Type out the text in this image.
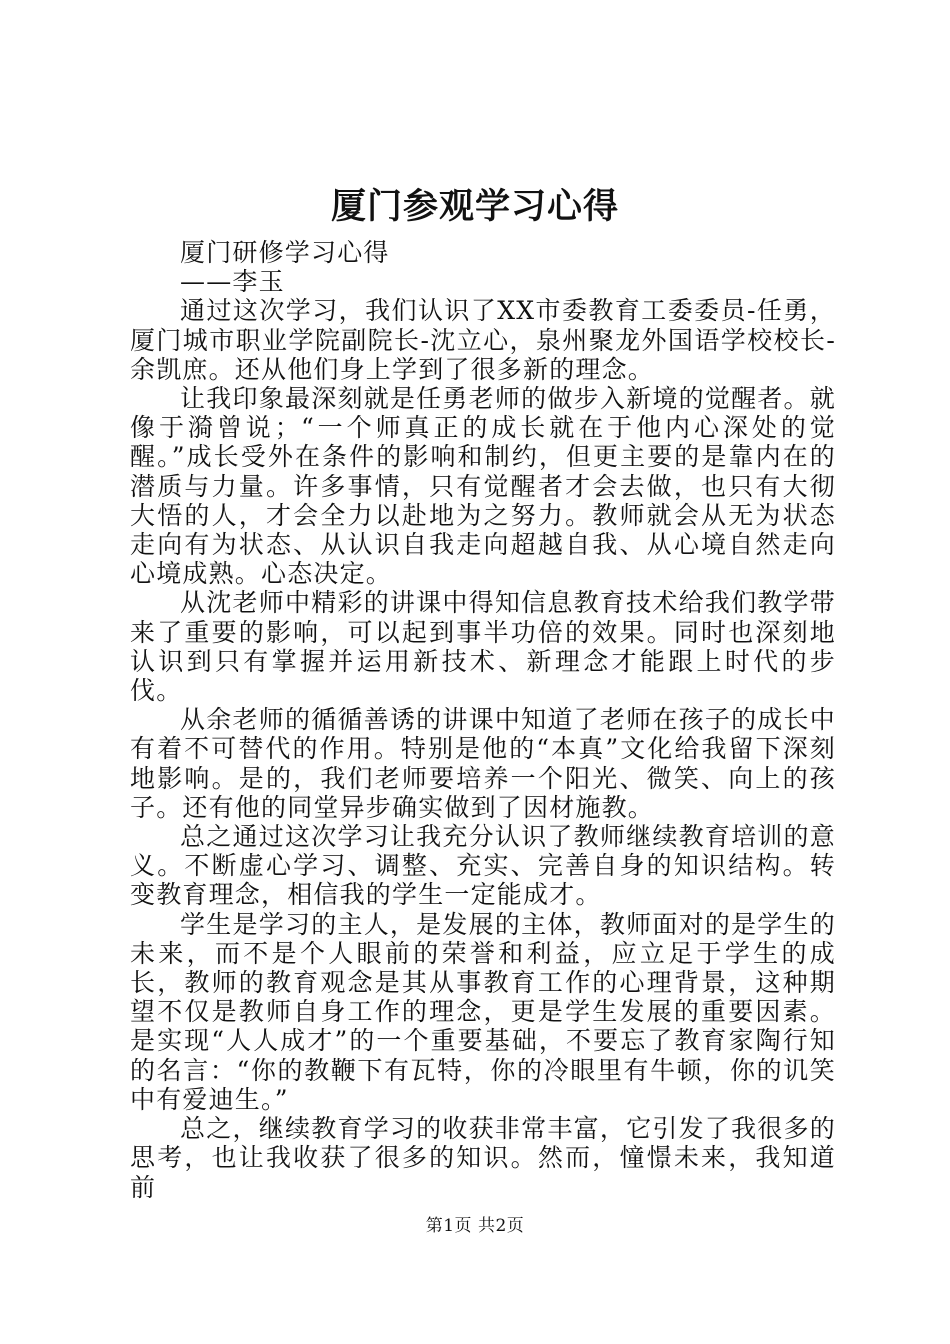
厦门参观学习心得

厦门研修学习心得

——李玉

通过这次学习，我们认识了XX市委教育工委委员-任勇，厦门城市职业学院副院长-沈立心，泉州聚龙外国语学校校长-余凯庶。还从他们身上学到了很多新的理念。

让我印象最深刻就是任勇老师的做步入新境的觉醒者。就像于漪曾说；“一个师真正的成长就在于他内心深处的觉醒。”成长受外在条件的影响和制约，但更主要的是靠内在的潜质与力量。许多事情，只有觉醒者才会去做，也只有大彻大悟的人，才会全力以赴地为之努力。教师就会从无为状态走向有为状态、从认识自我走向超越自我、从心境自然走向心境成熟。心态决定。

从沈老师中精彩的讲课中得知信息教育技术给我们教学带来了重要的影响，可以起到事半功倍的效果。同时也深刻地认识到只有掌握并运用新技术、新理念才能跟上时代的步伐。

从余老师的循循善诱的讲课中知道了老师在孩子的成长中有着不可替代的作用。特别是他的“本真”文化给我留下深刻地影响。是的，我们老师要培养一个阳光、微笑、向上的孩子。还有他的同堂异步确实做到了因材施教。

总之通过这次学习让我充分认识了教师继续教育培训的意义。不断虚心学习、调整、充实、完善自身的知识结构。转变教育理念，相信我的学生一定能成才。

学生是学习的主人，是发展的主体，教师面对的是学生的未来，而不是个人眼前的荣誉和利益，应立足于学生的成长，教师的教育观念是其从事教育工作的心理背景，这种期望不仅是教师自身工作的理念，更是学生发展的重要因素。是实现“人人成才”的一个重要基础，不要忘了教育家陶行知的名言：“你的教鞭下有瓦特，你的冷眼里有牛顿，你的讥笑中有爱迪生。”

总之，继续教育学习的收获非常丰富，它引发了我很多的思考，也让我收获了很多的知识。然而，憧憬未来，我知道前

第1页 共2页
